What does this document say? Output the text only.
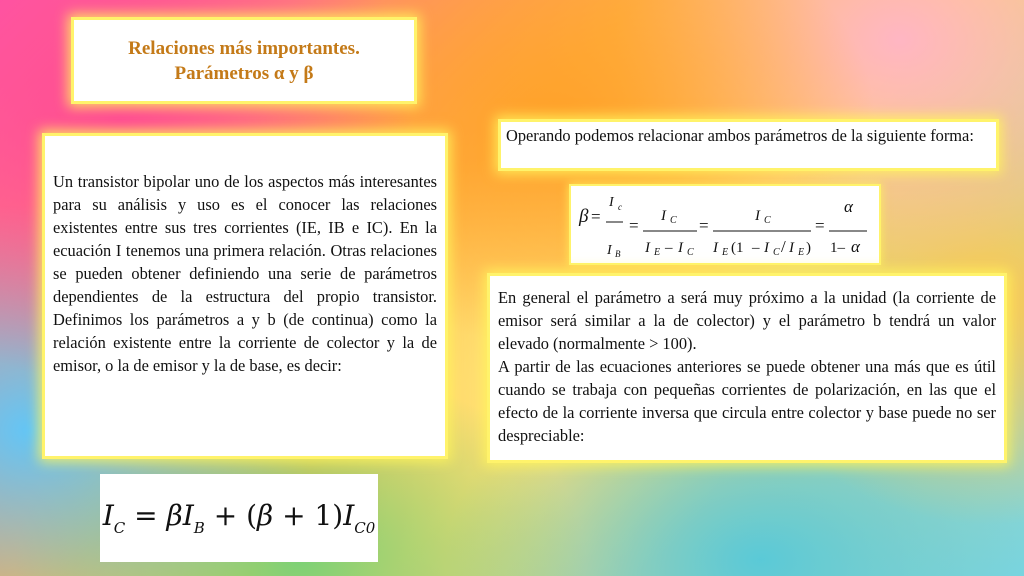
Relaciones más importantes.
Parámetros α y β

Un transistor bipolar uno de los aspectos más interesantes para su análisis y uso es el conocer las relaciones existentes entre sus tres corrientes (IE, IB e IC). En la ecuación I tenemos una primera relación. Otras relaciones se pueden obtener definiendo una serie de parámetros dependientes de la estructura del propio transistor. Definimos los parámetros a y b (de continua) como la relación existente entre la corriente de colector y la de emisor, o la de emisor y la de base, es decir:

Operando podemos relacionar ambos parámetros de la siguiente forma:

β =
I c
I B
= I C
I E – I C
=	I C
I E (1 – I C / I E )
=
α
1– α

En general el parámetro a será muy próximo a la unidad (la corriente de emisor será similar a la de colector) y el parámetro b tendrá un valor elevado (normalmente > 100).

A partir de las ecuaciones anteriores se puede obtener una más que es útil cuando se trabaja con pequeñas corrientes de polarización, en las que el efecto de la corriente inversa que circula entre colector y base puede no ser despreciable:

$I_C = \beta I_B + (\beta + 1)I_{C0}$
